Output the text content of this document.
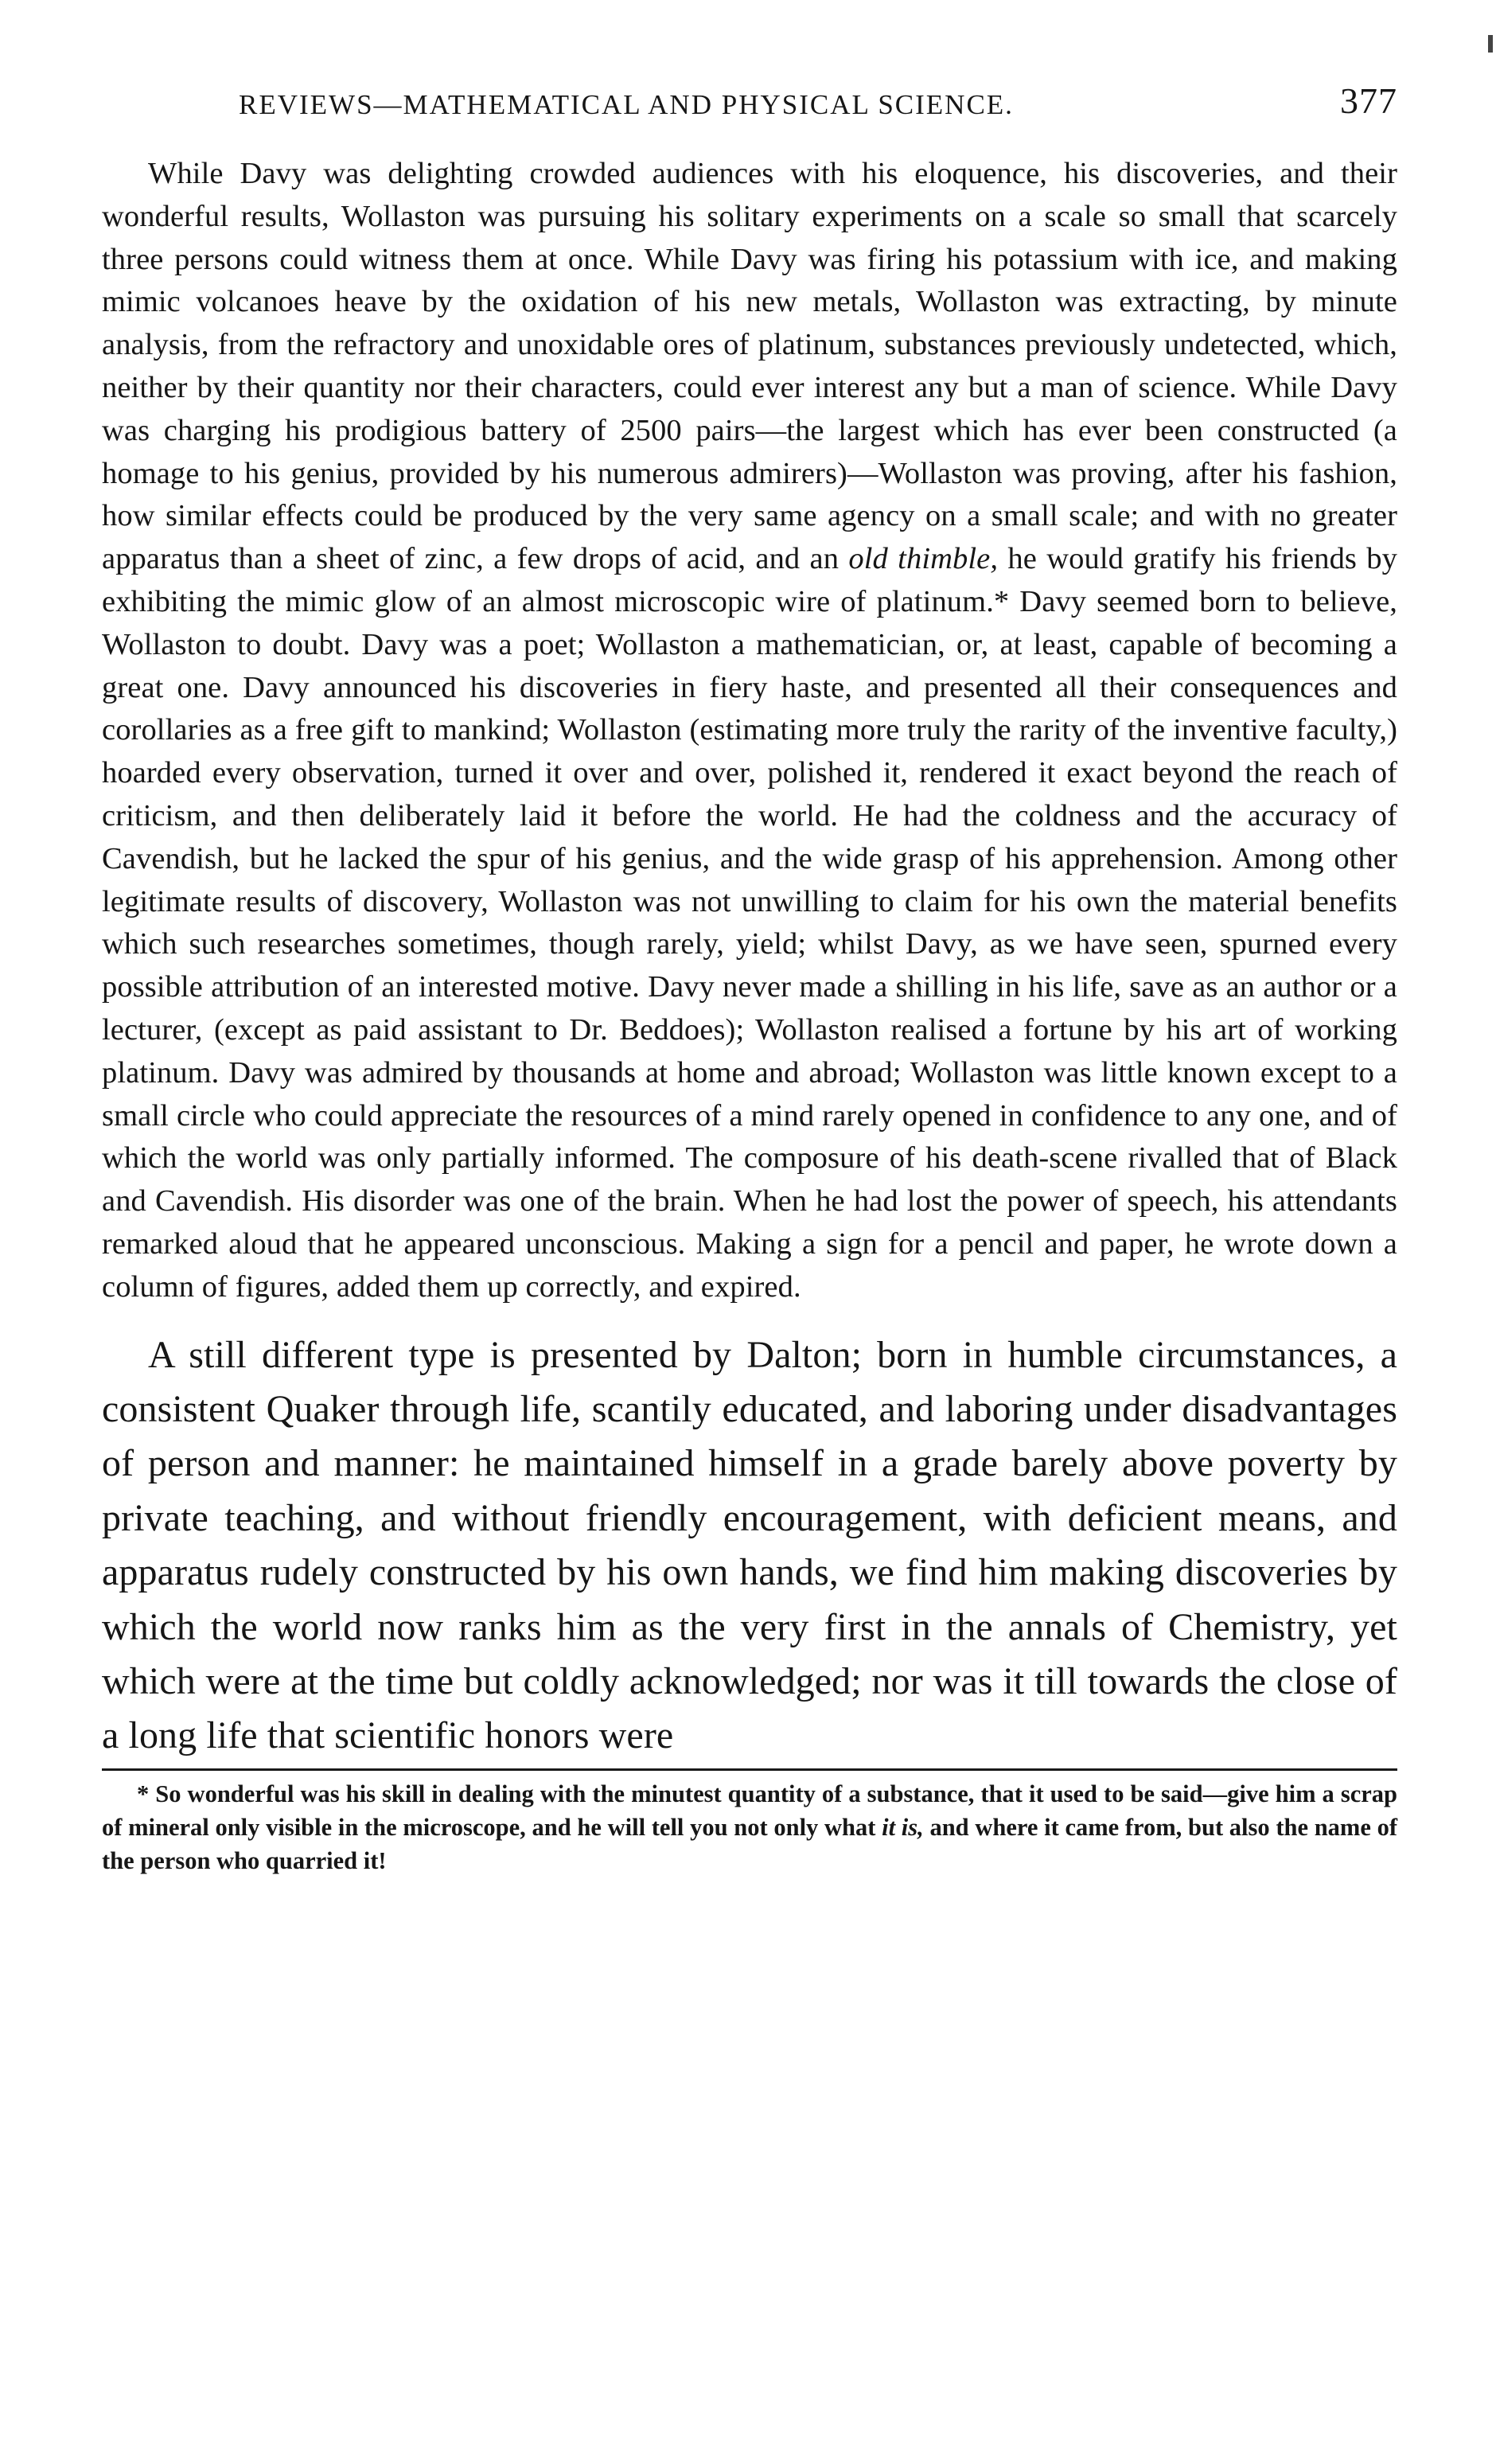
REVIEWS—MATHEMATICAL AND PHYSICAL SCIENCE.	377

While Davy was delighting crowded audiences with his eloquence, his discoveries, and their wonderful results, Wollaston was pursuing his solitary experiments on a scale so small that scarcely three persons could witness them at once. While Davy was firing his potassium with ice, and making mimic volcanoes heave by the oxidation of his new metals, Wollaston was extracting, by minute analysis, from the refractory and unoxidable ores of platinum, substances previously undetected, which, neither by their quantity nor their characters, could ever interest any but a man of science. While Davy was charging his prodigious battery of 2500 pairs—the largest which has ever been constructed (a homage to his genius, provided by his numerous admirers)—Wollaston was proving, after his fashion, how similar effects could be produced by the very same agency on a small scale; and with no greater apparatus than a sheet of zinc, a few drops of acid, and an old thimble, he would gratify his friends by exhibiting the mimic glow of an almost microscopic wire of platinum.* Davy seemed born to believe, Wollaston to doubt. Davy was a poet; Wollaston a mathematician, or, at least, capable of becoming a great one. Davy announced his discoveries in fiery haste, and presented all their consequences and corollaries as a free gift to mankind; Wollaston (estimating more truly the rarity of the inventive faculty,) hoarded every observation, turned it over and over, polished it, rendered it exact beyond the reach of criticism, and then deliberately laid it before the world. He had the coldness and the accuracy of Cavendish, but he lacked the spur of his genius, and the wide grasp of his apprehension. Among other legitimate results of discovery, Wollaston was not unwilling to claim for his own the material benefits which such researches sometimes, though rarely, yield; whilst Davy, as we have seen, spurned every possible attribution of an interested motive. Davy never made a shilling in his life, save as an author or a lecturer, (except as paid assistant to Dr. Beddoes); Wollaston realised a fortune by his art of working platinum. Davy was admired by thousands at home and abroad; Wollaston was little known except to a small circle who could appreciate the resources of a mind rarely opened in confidence to any one, and of which the world was only partially informed. The composure of his death-scene rivalled that of Black and Cavendish. His disorder was one of the brain. When he had lost the power of speech, his attendants remarked aloud that he appeared unconscious. Making a sign for a pencil and paper, he wrote down a column of figures, added them up correctly, and expired.

A still different type is presented by Dalton; born in humble circumstances, a consistent Quaker through life, scantily educated, and laboring under disadvantages of person and manner: he maintained himself in a grade barely above poverty by private teaching, and without friendly encouragement, with deficient means, and apparatus rudely constructed by his own hands, we find him making discoveries by which the world now ranks him as the very first in the annals of Chemistry, yet which were at the time but coldly acknowledged; nor was it till towards the close of a long life that scientific honors were

* So wonderful was his skill in dealing with the minutest quantity of a substance, that it used to be said—give him a scrap of mineral only visible in the microscope, and he will tell you not only what it is, and where it came from, but also the name of the person who quarried it!
